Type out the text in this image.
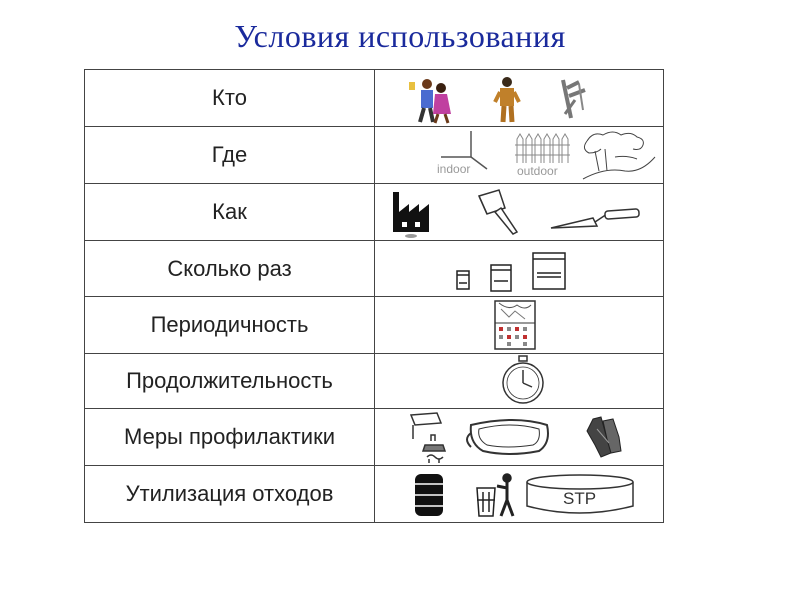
Условия использования
Кто	

Где	indoor outdoor

Как	

Сколько раз	

Периодичность	

Продолжительность	

Меры профилактики	

Утилизация отходов	STP
